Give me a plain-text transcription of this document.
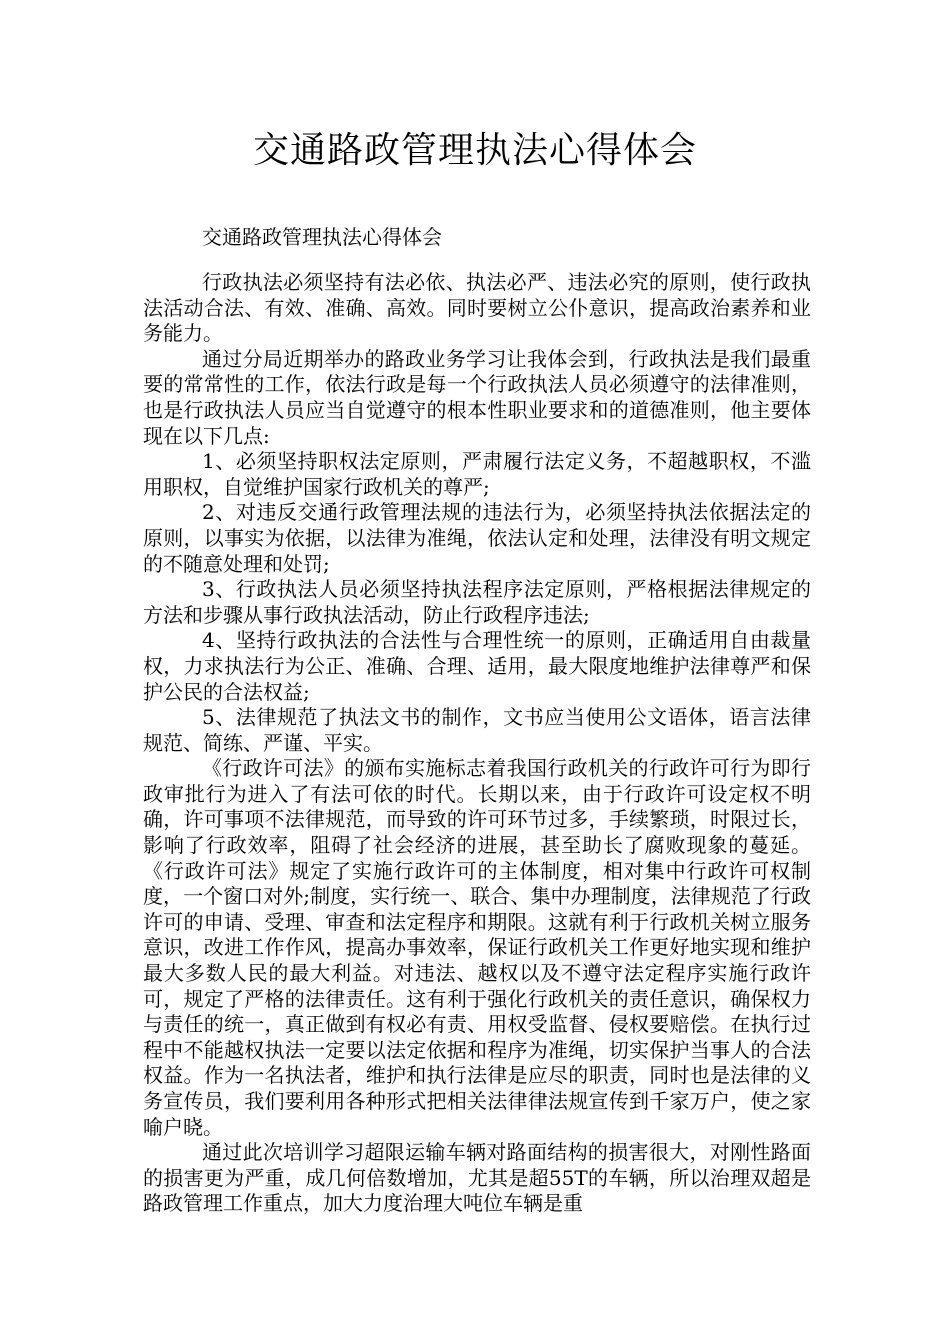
交通路政管理执法心得体会
交通路政管理执法心得体会

行政执法必须坚持有法必依、执法必严、违法必究的原则，使行政执法活动合法、有效、准确、高效。同时要树立公仆意识，提高政治素养和业务能力。

通过分局近期举办的路政业务学习让我体会到，行政执法是我们最重要的常常性的工作，依法行政是每一个行政执法人员必须遵守的法律准则，也是行政执法人员应当自觉遵守的根本性职业要求和的道德准则，他主要体现在以下几点:

1、必须坚持职权法定原则，严肃履行法定义务，不超越职权，不滥用职权，自觉维护国家行政机关的尊严;

2、对违反交通行政管理法规的违法行为，必须坚持执法依据法定的原则，以事实为依据，以法律为准绳，依法认定和处理，法律没有明文规定的不随意处理和处罚;

3、行政执法人员必须坚持执法程序法定原则，严格根据法律规定的方法和步骤从事行政执法活动，防止行政程序违法;

4、坚持行政执法的合法性与合理性统一的原则，正确适用自由裁量权，力求执法行为公正、准确、合理、适用，最大限度地维护法律尊严和保护公民的合法权益;

5、法律规范了执法文书的制作，文书应当使用公文语体，语言法律规范、简练、严谨、平实。

《行政许可法》的颁布实施标志着我国行政机关的行政许可行为即行政审批行为进入了有法可依的时代。长期以来，由于行政许可设定权不明确，许可事项不法律规范，而导致的许可环节过多，手续繁琐，时限过长，影响了行政效率，阻碍了社会经济的进展，甚至助长了腐败现象的蔓延。《行政许可法》规定了实施行政许可的主体制度，相对集中行政许可权制度，一个窗口对外;制度，实行统一、联合、集中办理制度，法律规范了行政许可的申请、受理、审查和法定程序和期限。这就有利于行政机关树立服务意识，改进工作作风，提高办事效率，保证行政机关工作更好地实现和维护最大多数人民的最大利益。对违法、越权以及不遵守法定程序实施行政许可，规定了严格的法律责任。这有利于强化行政机关的责任意识，确保权力与责任的统一，真正做到有权必有责、用权受监督、侵权要赔偿。在执行过程中不能越权执法一定要以法定依据和程序为准绳，切实保护当事人的合法权益。作为一名执法者，维护和执行法律是应尽的职责，同时也是法律的义务宣传员，我们要利用各种形式把相关法律律法规宣传到千家万户，使之家喻户晓。

通过此次培训学习超限运输车辆对路面结构的损害很大，对刚性路面的损害更为严重，成几何倍数增加，尤其是超55T的车辆，所以治理双超是路政管理工作重点，加大力度治理大吨位车辆是重
